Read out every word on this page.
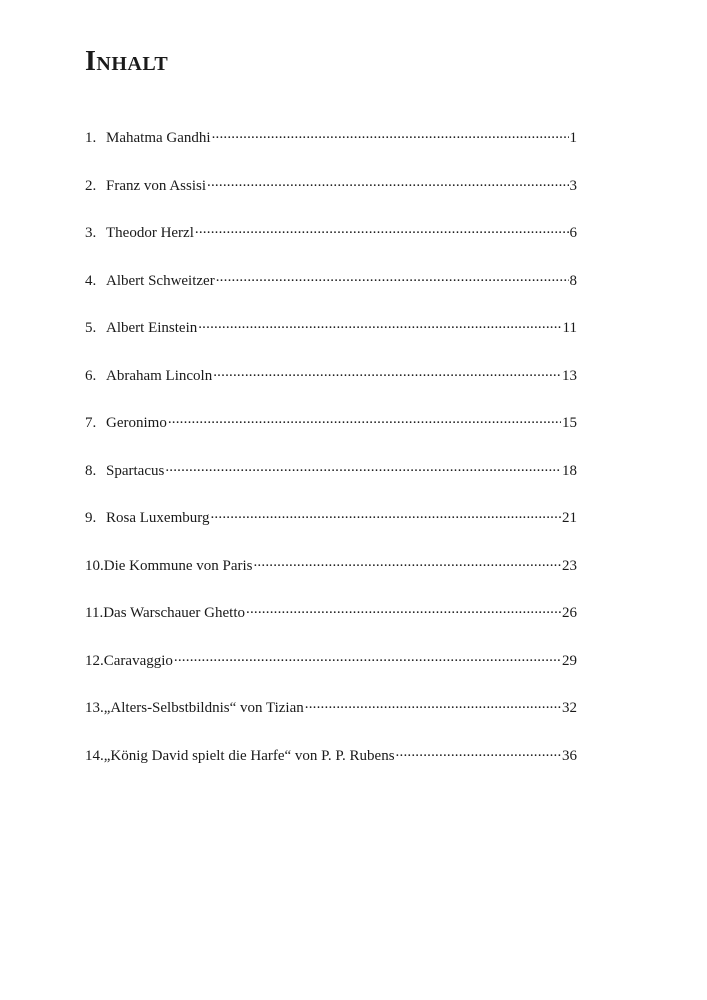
Inhalt
1. Mahatma Gandhi .....	1
2. Franz von Assisi .....	3
3. Theodor Herzl .....	6
4. Albert Schweitzer .....	8
5. Albert Einstein .....	11
6. Abraham Lincoln .....	13
7. Geronimo .....	15
8. Spartacus .....	18
9. Rosa Luxemburg .....	21
10. Die Kommune von Paris .....	23
11. Das Warschauer Ghetto .....	26
12. Caravaggio .....	29
13. „Alters-Selbstbildnis“ von Tizian .....	32
14. „König David spielt die Harfe“ von P. P. Rubens .....	36
